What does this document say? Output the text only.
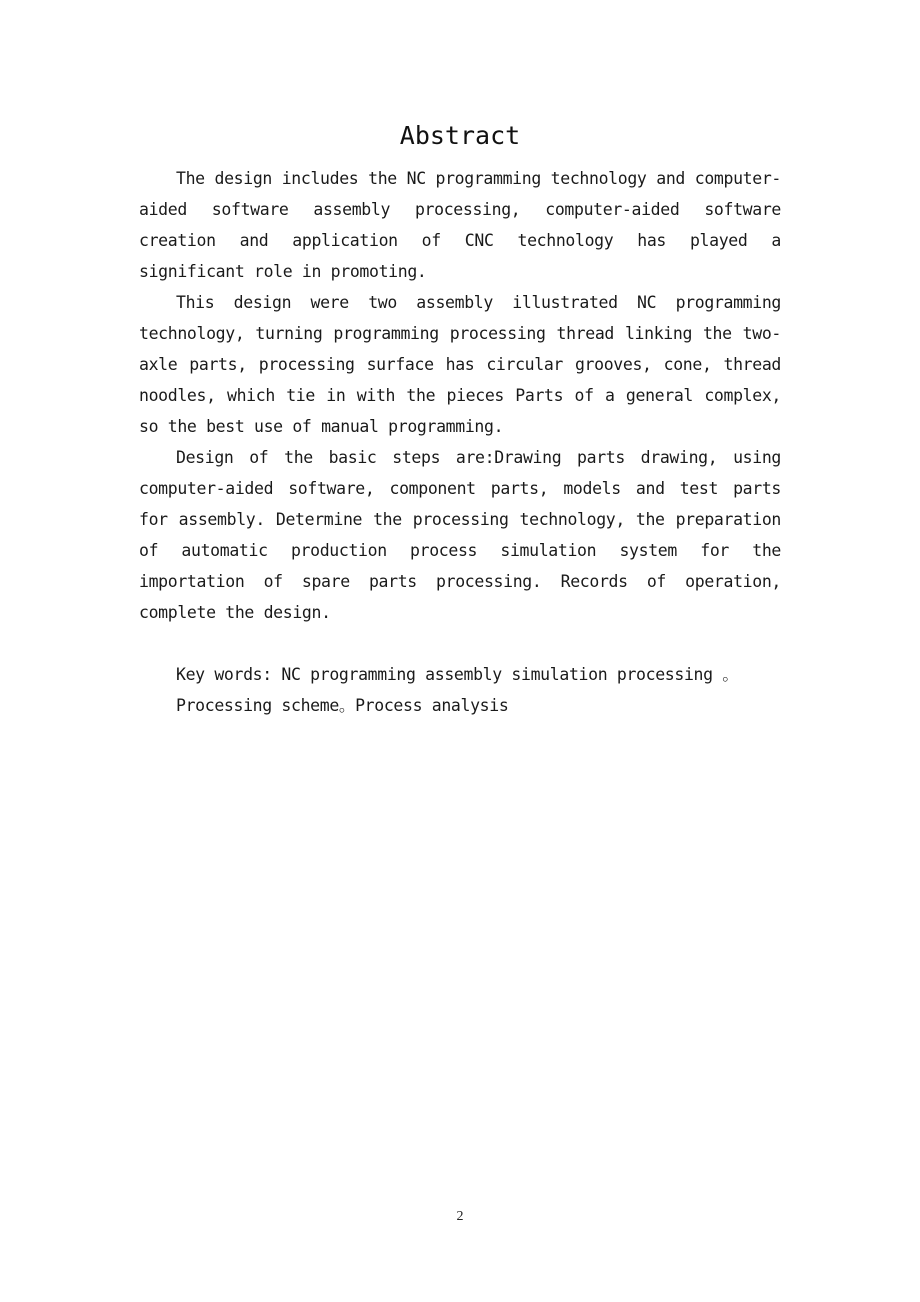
Abstract

The design includes the NC programming technology and computer-aided software assembly processing, computer-aided software creation and application of CNC technology has played a significant role in promoting.

This design were two assembly illustrated NC programming technology, turning programming processing thread linking the two-axle parts, processing surface has circular grooves, cone, thread noodles, which tie in with the pieces Parts of a general complex, so the best use of manual programming.

Design of the basic steps are:Drawing parts drawing, using computer-aided software, component parts, models and test parts for assembly. Determine the processing technology, the preparation of automatic production process simulation system for the importation of spare parts processing. Records of operation, complete the design.

Key words: NC programming assembly simulation processing 。

Processing scheme。Process analysis

2
